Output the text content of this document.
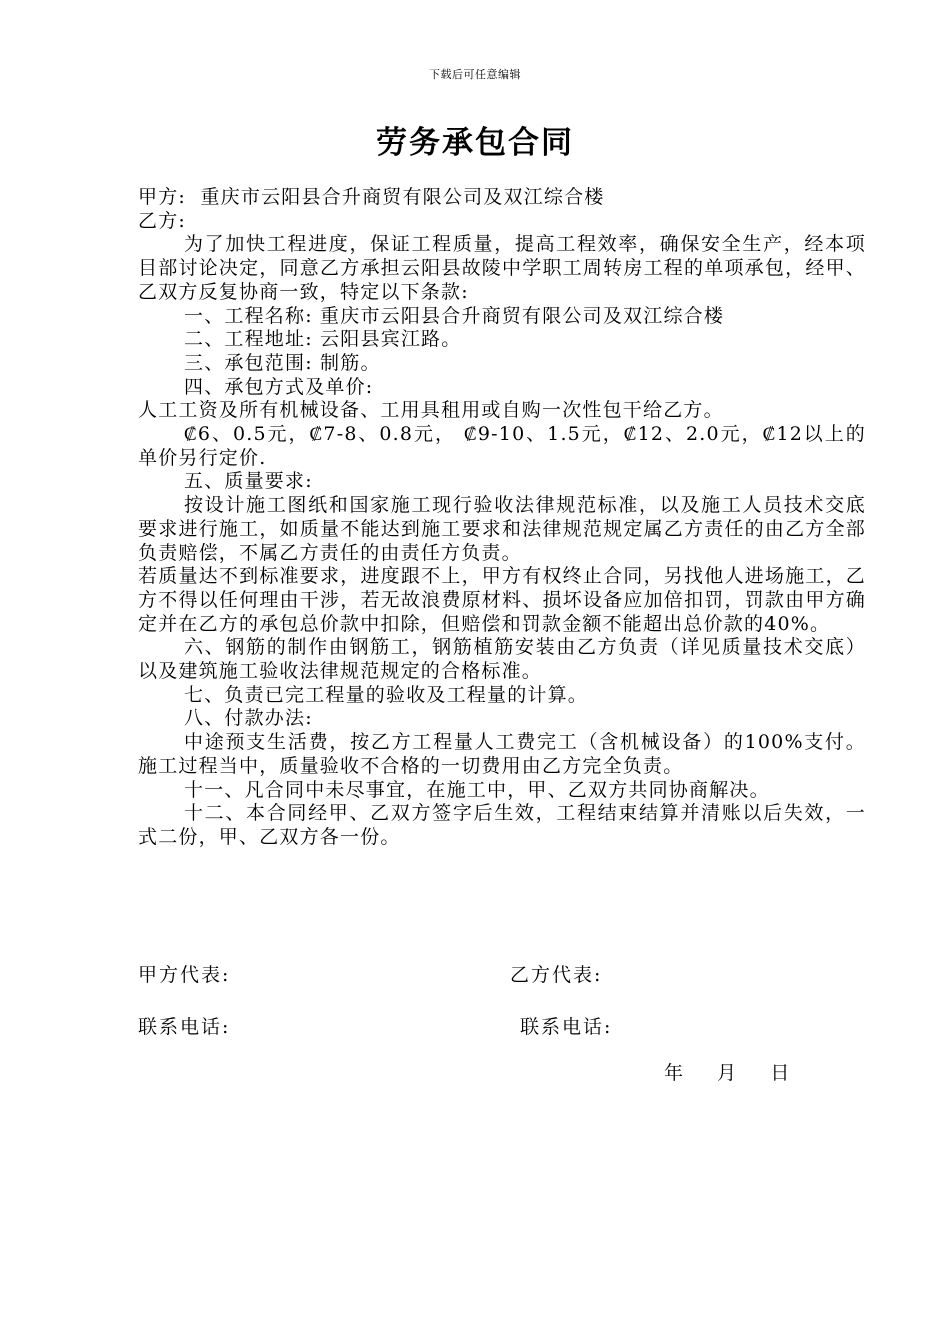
下载后可任意编辑
劳务承包合同

甲方:  重庆市云阳县合升商贸有限公司及双江综合楼

乙方:

为了加快工程进度，保证工程质量，提高工程效率，确保安全生产，经本项目部讨论决定，同意乙方承担云阳县故陵中学职工周转房工程的单项承包，经甲、乙双方反复协商一致，特定以下条款:

一、工程名称: 重庆市云阳县合升商贸有限公司及双江综合楼

二、工程地址: 云阳县宾江路。

三、承包范围: 制筋。

四、承包方式及单价:

人工工资及所有机械设备、工用具租用或自购一次性包干给乙方。

₡6、0.5元，₡7-8、0.8元， ₡9-10、1.5元，₡12、2.0元，₡12以上的单价另行定价.

五、质量要求:

按设计施工图纸和国家施工现行验收法律规范标准，以及施工人员技术交底要求进行施工，如质量不能达到施工要求和法律规范规定属乙方责任的由乙方全部负责赔偿，不属乙方责任的由责任方负责。

若质量达不到标准要求，进度跟不上，甲方有权终止合同，另找他人进场施工，乙方不得以任何理由干涉，若无故浪费原材料、损坏设备应加倍扣罚，罚款由甲方确定并在乙方的承包总价款中扣除，但赔偿和罚款金额不能超出总价款的40%。

六、钢筋的制作由钢筋工，钢筋植筋安装由乙方负责（详见质量技术交底）以及建筑施工验收法律规范规定的合格标准。

七、负责已完工程量的验收及工程量的计算。

八、付款办法:

中途预支生活费，按乙方工程量人工费完工（含机械设备）的100%支付。施工过程当中，质量验收不合格的一切费用由乙方完全负责。

十一、凡合同中未尽事宜，在施工中，甲、乙双方共同协商解决。

十二、本合同经甲、乙双方签字后生效，工程结束结算并清账以后失效，一式二份，甲、乙双方各一份。

甲方代表:	乙方代表:
联系电话:	联系电话:
年    月    日
